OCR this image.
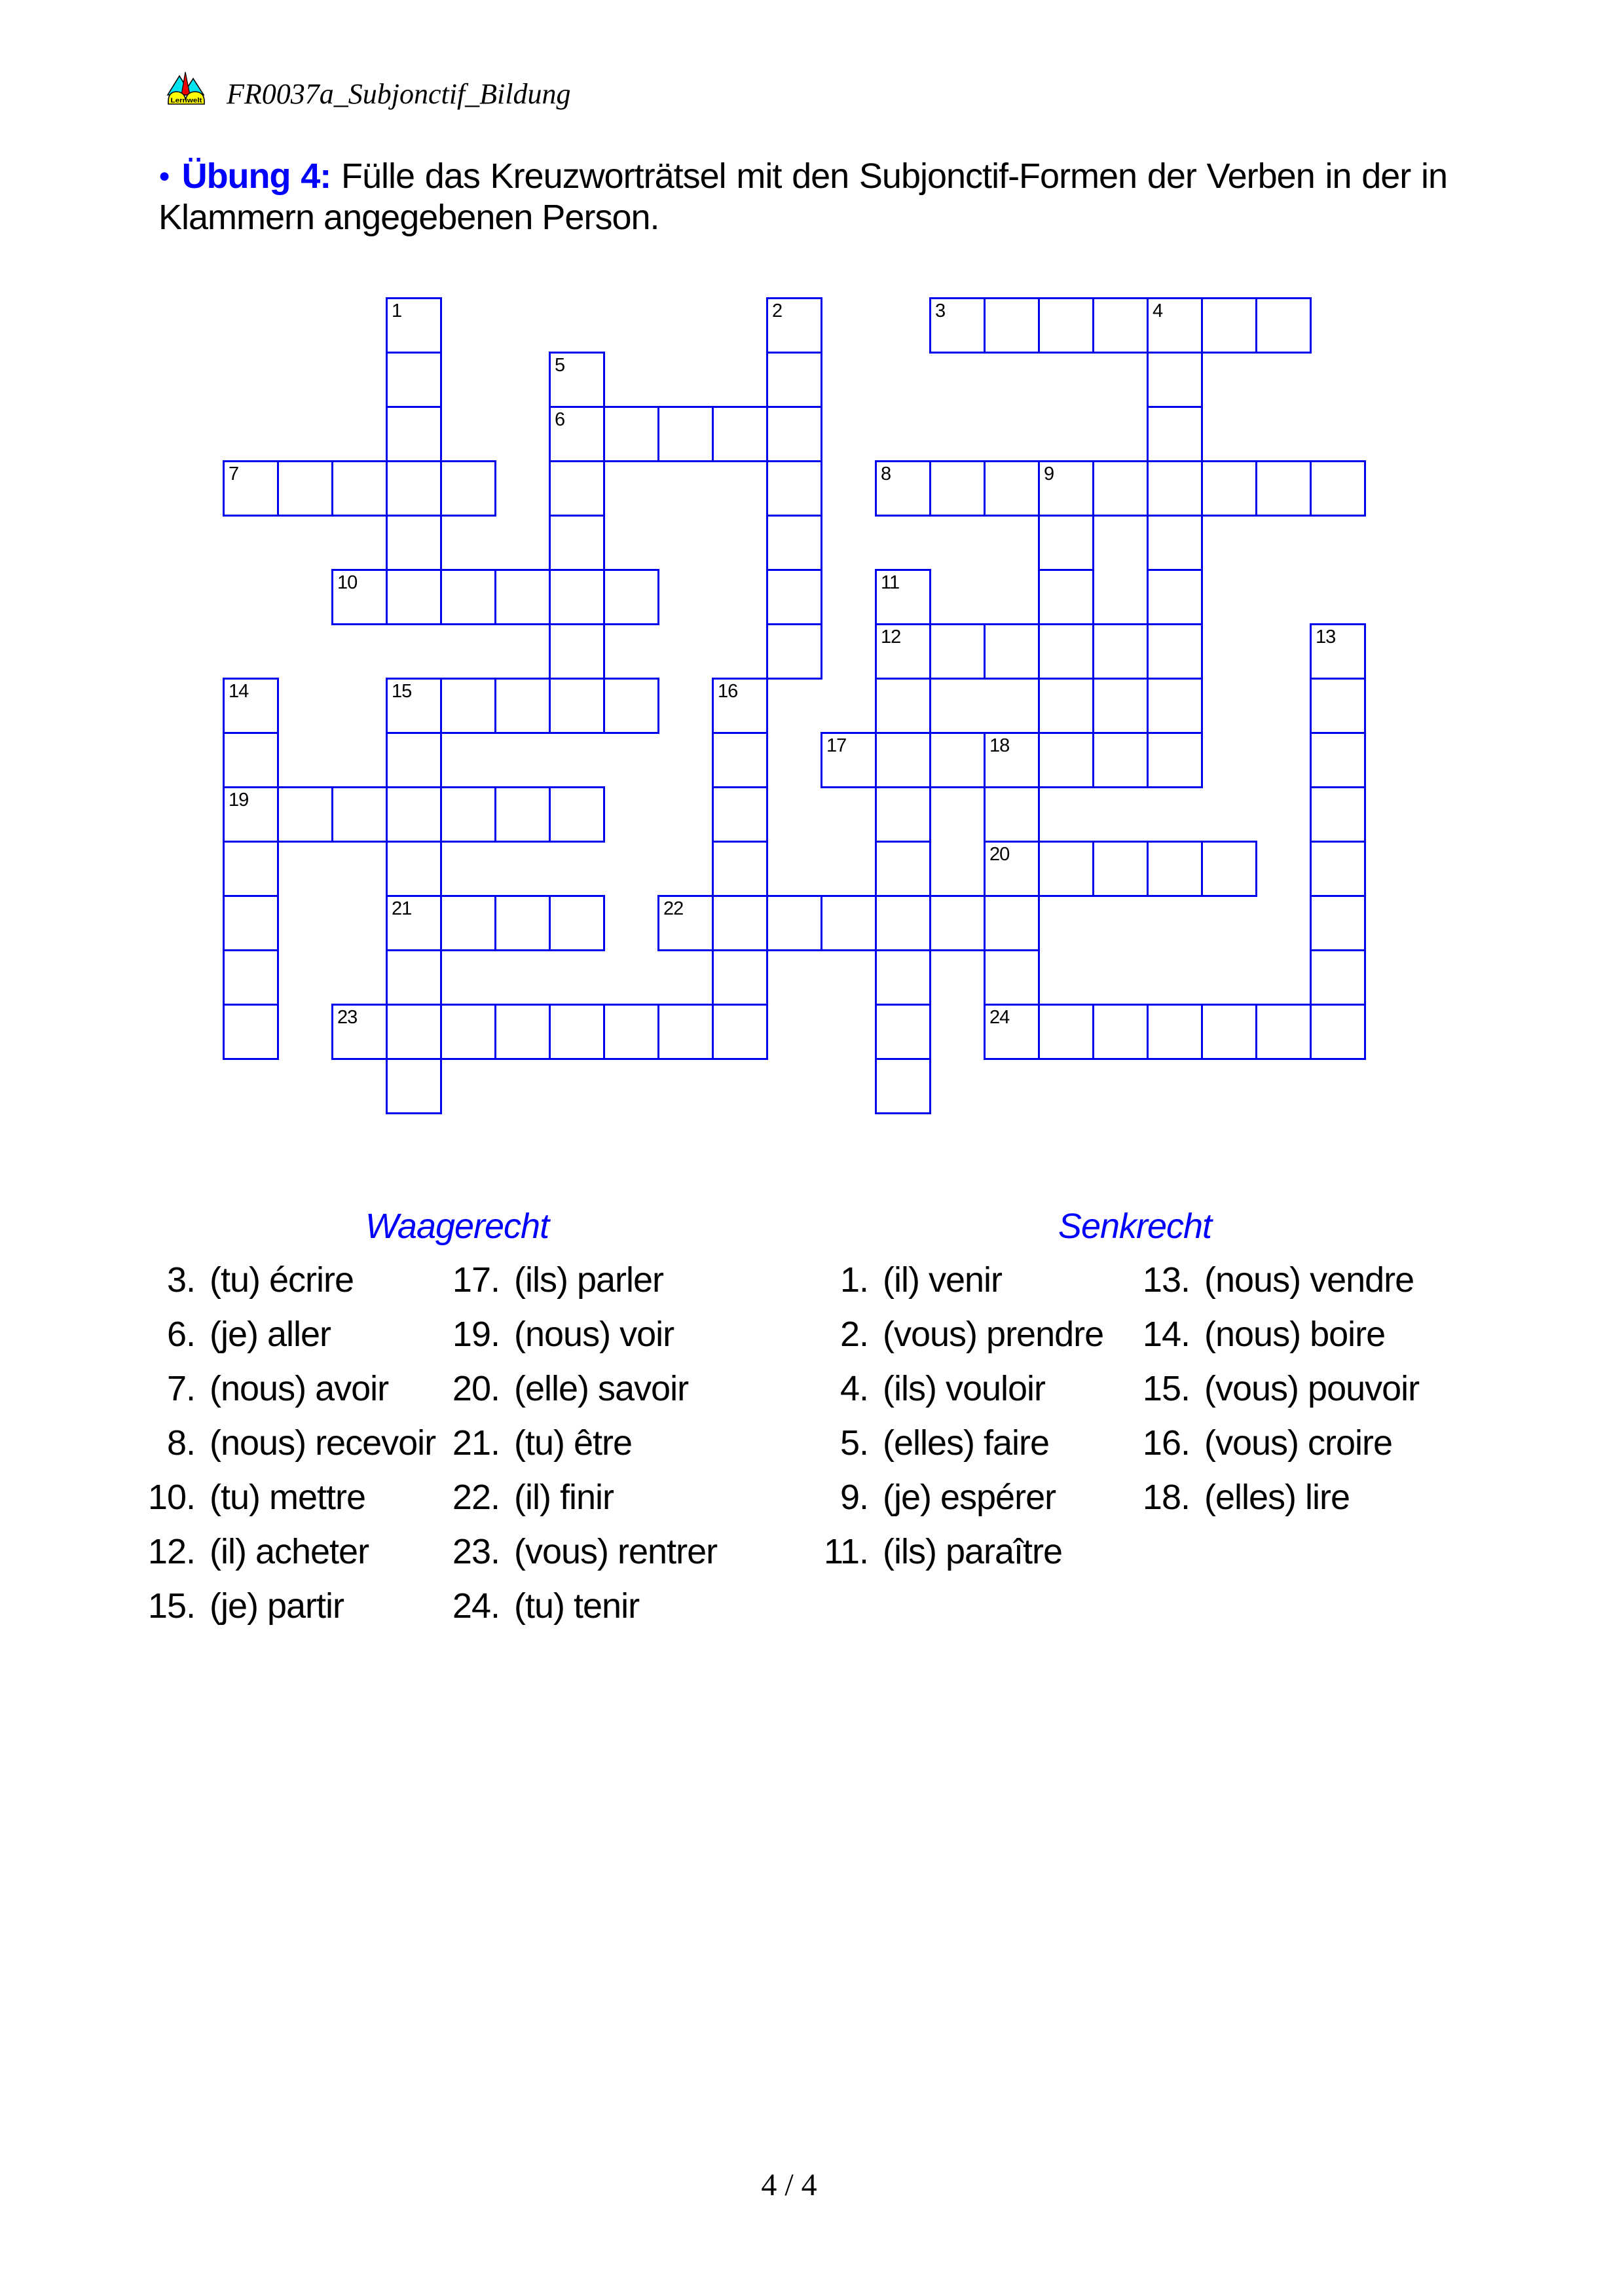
Lernwelt FR0037a_Subjonctif_Bildung
● Übung 4: Fülle das Kreuzworträtsel mit den Subjonctif-Formen der Verben in der in
Klammern angegebenen Person.
3	4
6
7	8	9
10
12
15
17	18
19
20
21	22
23	24
1	2
5
11
13
14	16
Waagerecht	Senkrecht
3. (tu) écrire
6. (je) aller
7. (nous) avoir
8. (nous) recevoir
10. (tu) mettre
12. (il) acheter
15. (je) partir
17. (ils) parler
19. (nous) voir
20. (elle) savoir
21. (tu) être
22. (il) finir
23. (vous) rentrer
24. (tu) tenir
1. (il) venir
2. (vous) prendre
4. (ils) vouloir
5. (elles) faire
9. (je) espérer
11. (ils) paraître
13. (nous) vendre
14. (nous) boire
15. (vous) pouvoir
16. (vous) croire
18. (elles) lire
4 / 4
